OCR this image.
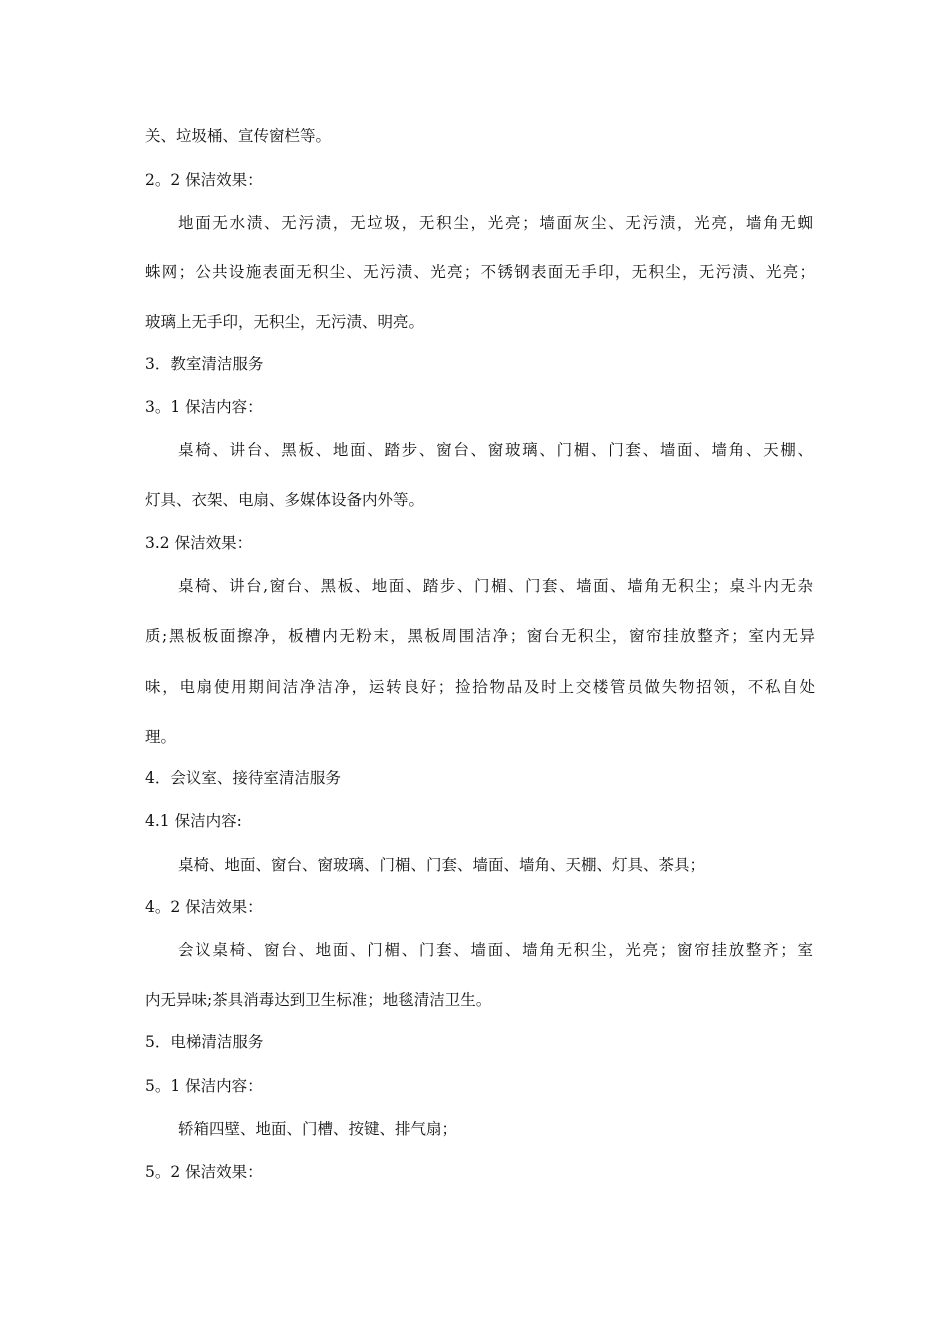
关、垃圾桶、宣传窗栏等。
2。2 保洁效果：
地面无水渍、无污渍，无垃圾，无积尘，光亮；墙面灰尘、无污渍，光亮，墙角无蜘
蛛网；公共设施表面无积尘、无污渍、光亮；不锈钢表面无手印，无积尘，无污渍、光亮；
玻璃上无手印，无积尘，无污渍、明亮。
3．教室清洁服务
3。1 保洁内容：
桌椅、讲台、黑板、地面、踏步、窗台、窗玻璃、门楣、门套、墙面、墙角、天棚、
灯具、衣架、电扇、多媒体设备内外等。
3.2 保洁效果：
桌椅、讲台,窗台、黑板、地面、踏步、门楣、门套、墙面、墙角无积尘；桌斗内无杂
质;黑板板面擦净，板槽内无粉末，黑板周围洁净；窗台无积尘，窗帘挂放整齐；室内无异
味，电扇使用期间洁净洁净，运转良好；捡拾物品及时上交楼管员做失物招领，不私自处
理。
4．会议室、接待室清洁服务
4.1 保洁内容:
桌椅、地面、窗台、窗玻璃、门楣、门套、墙面、墙角、天棚、灯具、茶具；
4。2 保洁效果：
会议桌椅、窗台、地面、门楣、门套、墙面、墙角无积尘，光亮；窗帘挂放整齐；室
内无异味;茶具消毒达到卫生标准；地毯清洁卫生。
5．电梯清洁服务
5。1 保洁内容：
轿箱四壁、地面、门槽、按键、排气扇；
5。2 保洁效果：
